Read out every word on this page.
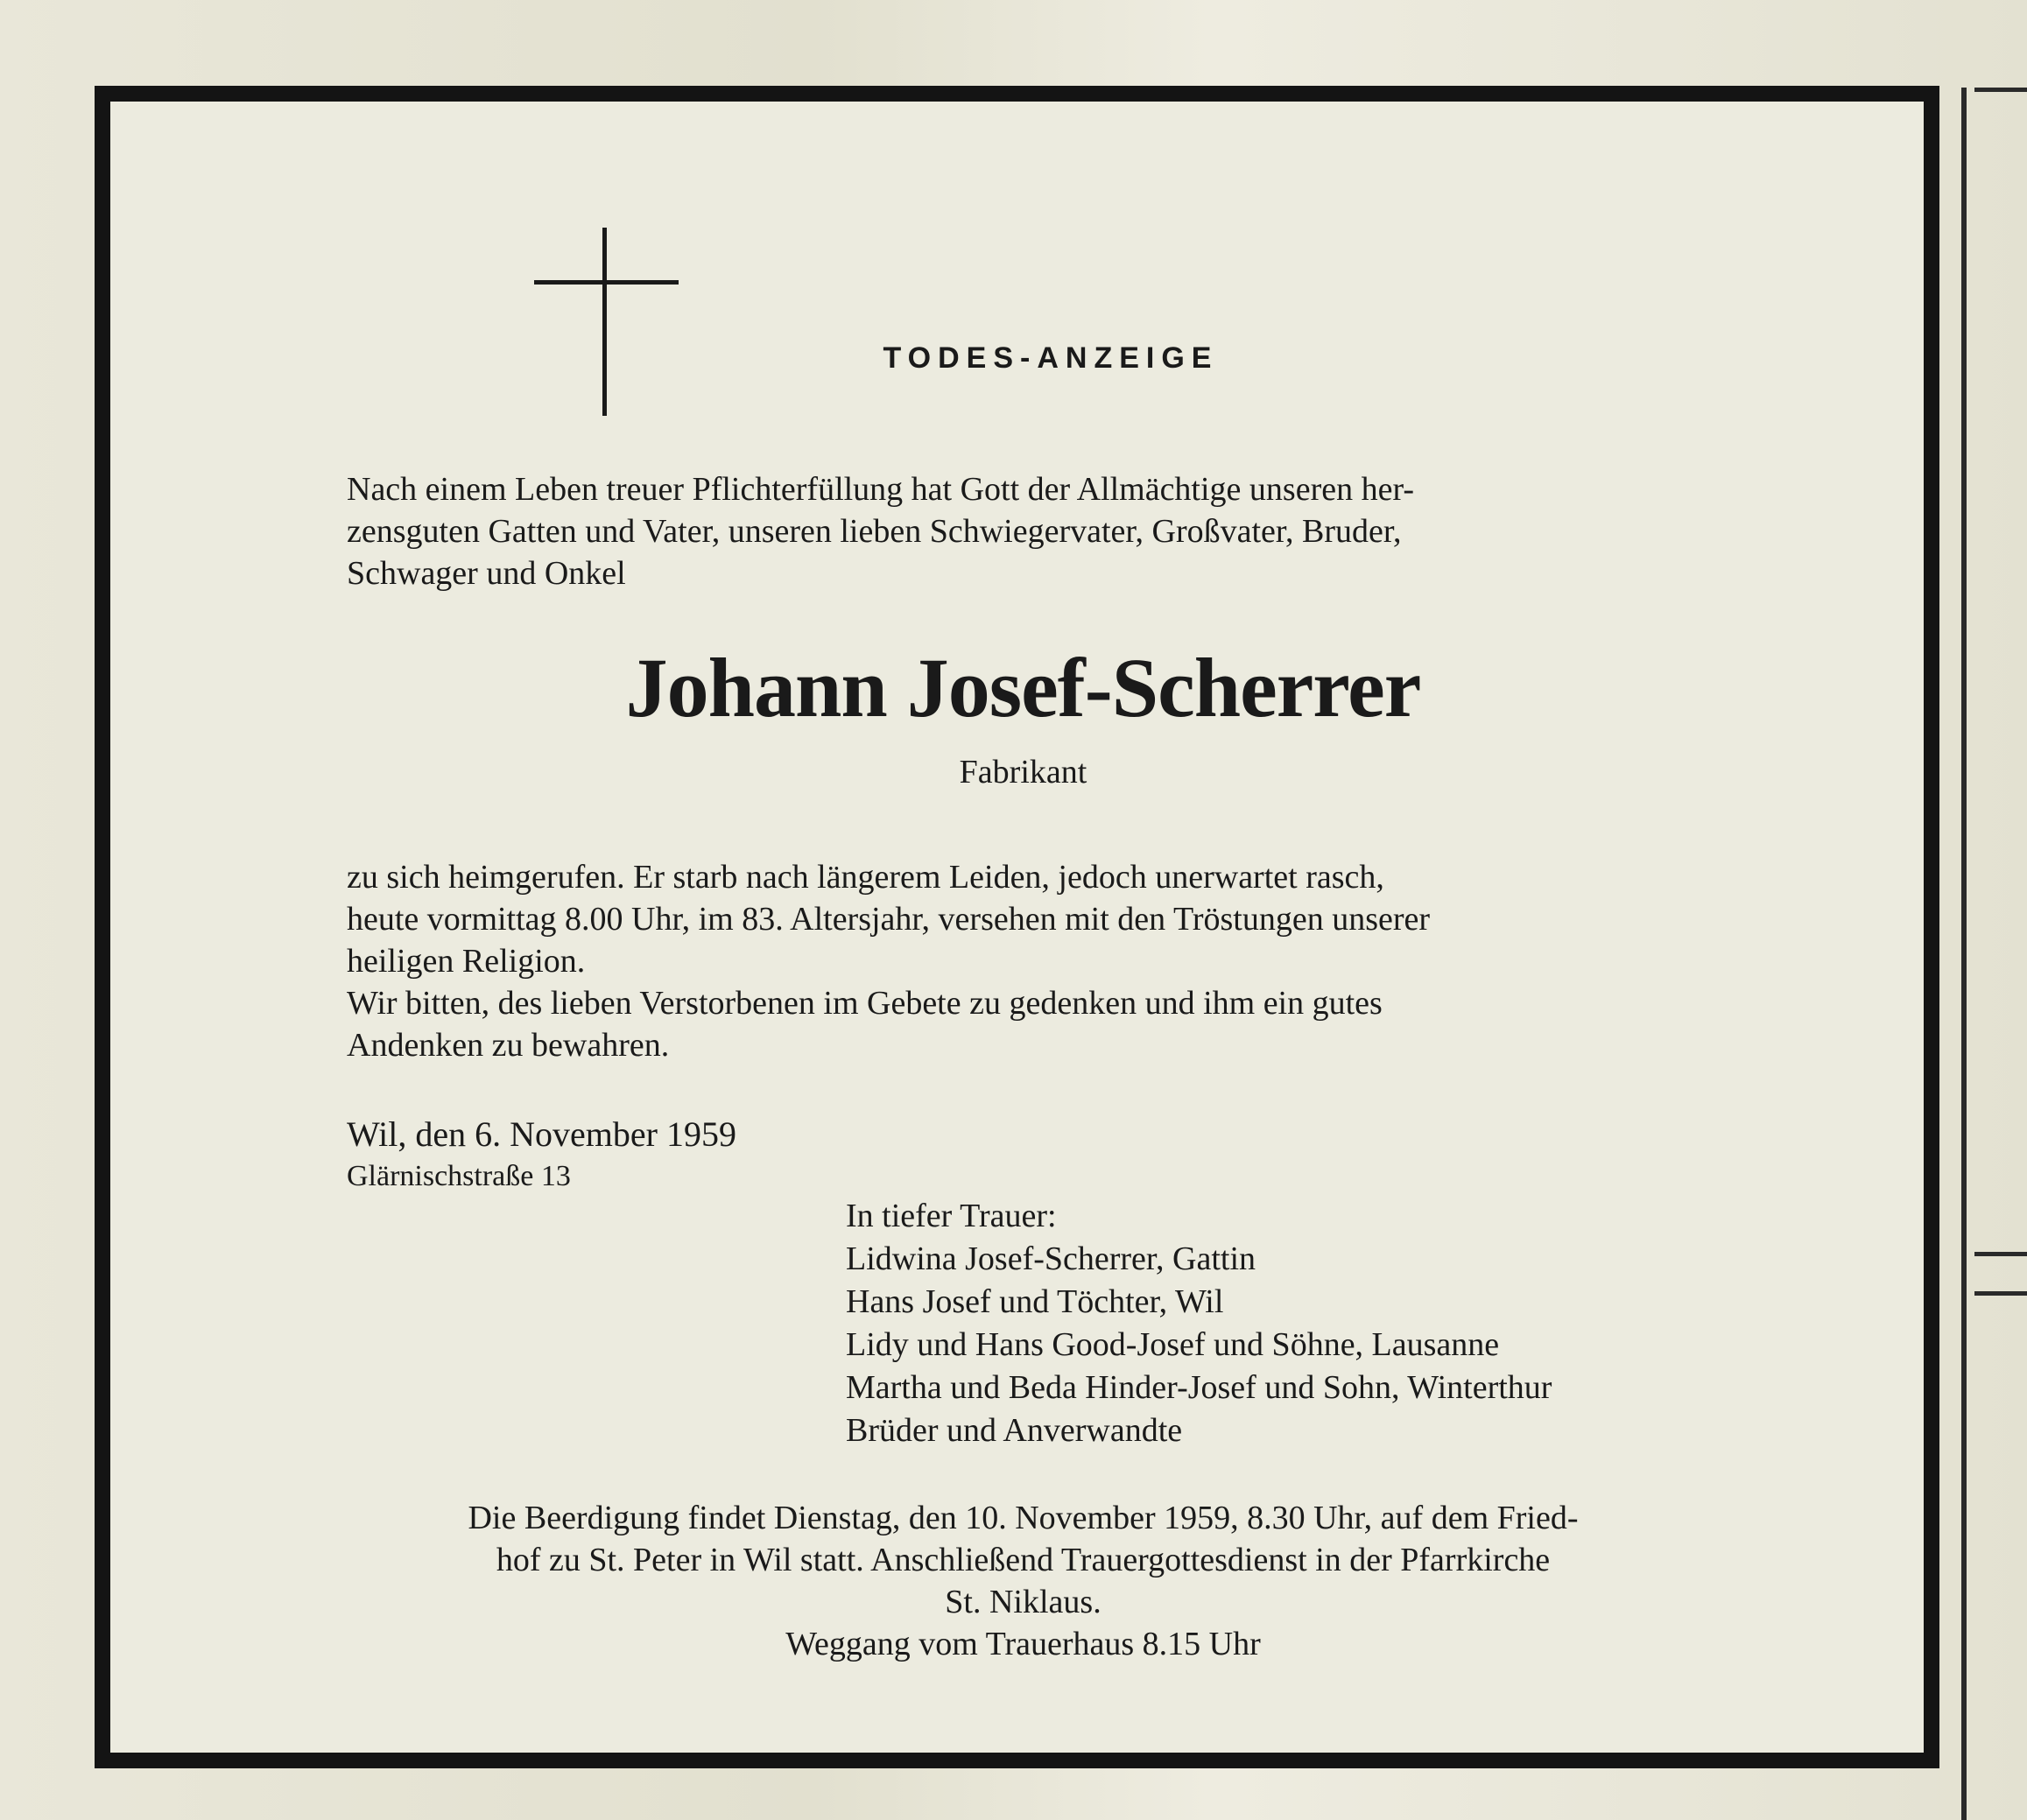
TODES-ANZEIGE
Nach einem Leben treuer Pflichterfüllung hat Gott der Allmächtige unseren her-
zensguten Gatten und Vater, unseren lieben Schwiegervater, Großvater, Bruder,
Schwager und Onkel
Johann Josef-Scherrer
Fabrikant
zu sich heimgerufen. Er starb nach längerem Leiden, jedoch unerwartet rasch,
heute vormittag 8.00 Uhr, im 83. Altersjahr, versehen mit den Tröstungen unserer
heiligen Religion.
Wir bitten, des lieben Verstorbenen im Gebete zu gedenken und ihm ein gutes
Andenken zu bewahren.
Wil, den 6. November 1959
Glärnischstraße 13
In tiefer Trauer:
Lidwina Josef-Scherrer, Gattin
Hans Josef und Töchter, Wil
Lidy und Hans Good-Josef und Söhne, Lausanne
Martha und Beda Hinder-Josef und Sohn, Winterthur
Brüder und Anverwandte
Die Beerdigung findet Dienstag, den 10. November 1959, 8.30 Uhr, auf dem Fried-
hof zu St. Peter in Wil statt. Anschließend Trauergottesdienst in der Pfarrkirche
St. Niklaus.
Weggang vom Trauerhaus 8.15 Uhr
